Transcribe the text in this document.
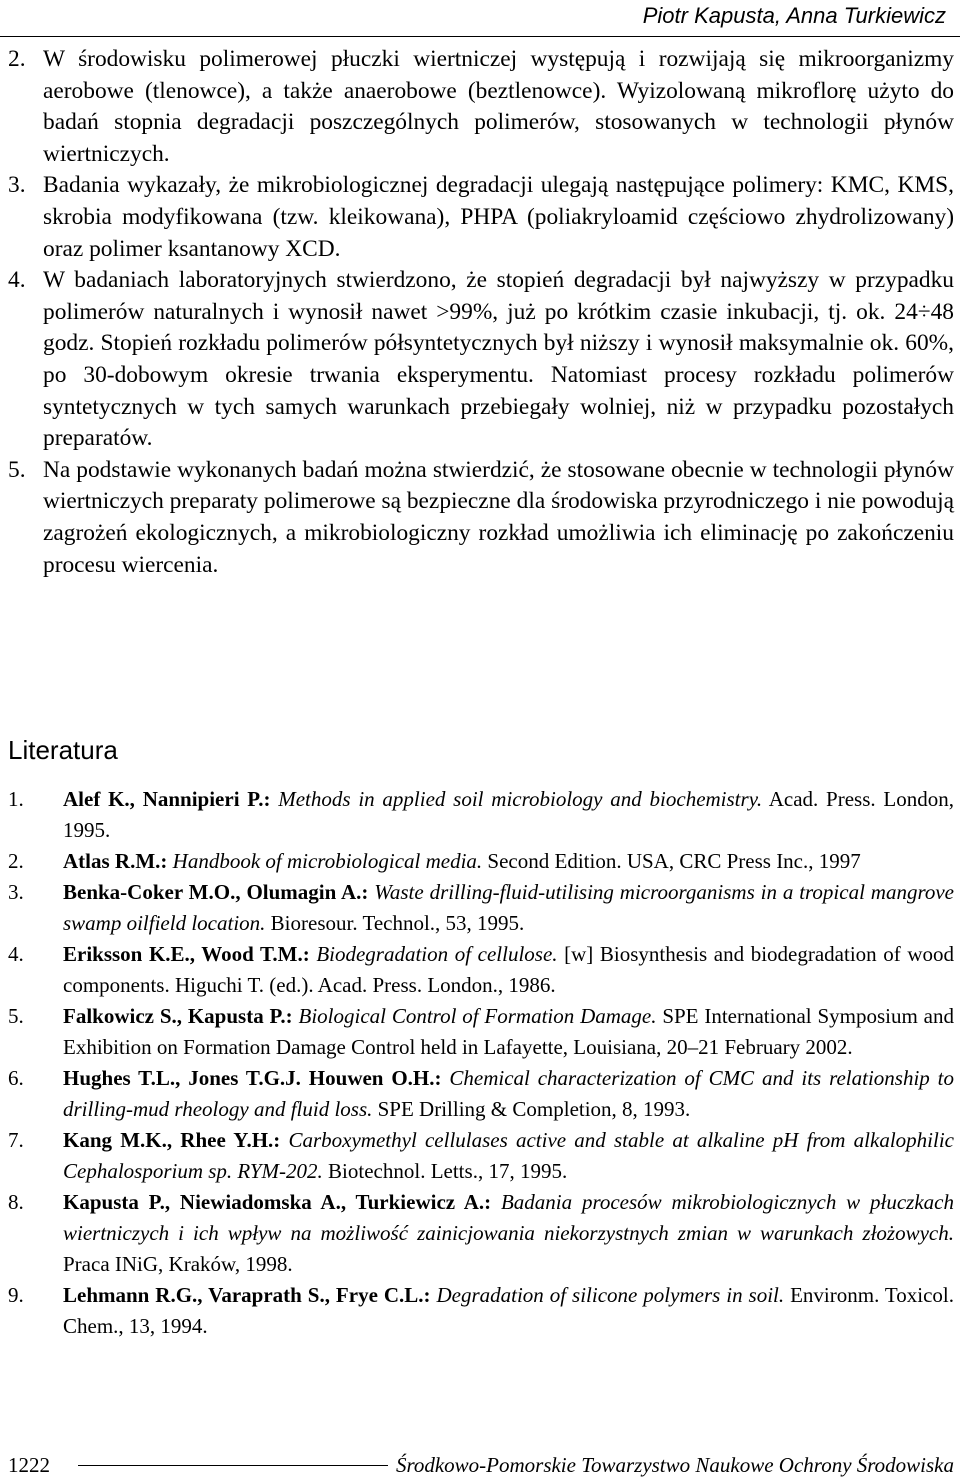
Piotr Kapusta, Anna Turkiewicz
2. W środowisku polimerowej płuczki wiertniczej występują i rozwijają się mikroorganizmy aerobowe (tlenowce), a także anaerobowe (beztlenowce). Wyizolowaną mikroflorę użyto do badań stopnia degradacji poszczególnych polimerów, stosowanych w technologii płynów wiertniczych.
3. Badania wykazały, że mikrobiologicznej degradacji ulegają następujące polimery: KMC, KMS, skrobia modyfikowana (tzw. kleikowana), PHPA (poliakryloamid częściowo zhydrolizowany) oraz polimer ksantanowy XCD.
4. W badaniach laboratoryjnych stwierdzono, że stopień degradacji był najwyższy w przypadku polimerów naturalnych i wynosił nawet >99%, już po krótkim czasie inkubacji, tj. ok. 24÷48 godz. Stopień rozkładu polimerów półsyntetycznych był niższy i wynosił maksymalnie ok. 60%, po 30-dobowym okresie trwania eksperymentu. Natomiast procesy rozkładu polimerów syntetycznych w tych samych warunkach przebiegały wolniej, niż w przypadku pozostałych preparatów.
5. Na podstawie wykonanych badań można stwierdzić, że stosowane obecnie w technologii płynów wiertniczych preparaty polimerowe są bezpieczne dla środowiska przyrodniczego i nie powodują zagrożeń ekologicznych, a mikrobiologiczny rozkład umożliwia ich eliminację po zakończeniu procesu wiercenia.
Literatura
1. Alef K., Nannipieri P.: Methods in applied soil microbiology and biochemistry. Acad. Press. London, 1995.
2. Atlas R.M.: Handbook of microbiological media. Second Edition. USA, CRC Press Inc., 1997
3. Benka-Coker M.O., Olumagin A.: Waste drilling-fluid-utilising microorganisms in a tropical mangrove swamp oilfield location. Bioresour. Technol., 53, 1995.
4. Eriksson K.E., Wood T.M.: Biodegradation of cellulose. [w] Biosynthesis and biodegradation of wood components. Higuchi T. (ed.). Acad. Press. London., 1986.
5. Falkowicz S., Kapusta P.: Biological Control of Formation Damage. SPE International Symposium and Exhibition on Formation Damage Control held in Lafayette, Louisiana, 20–21 February 2002.
6. Hughes T.L., Jones T.G.J. Houwen O.H.: Chemical characterization of CMC and its relationship to drilling-mud rheology and fluid loss. SPE Drilling & Completion, 8, 1993.
7. Kang M.K., Rhee Y.H.: Carboxymethyl cellulases active and stable at alkaline pH from alkalophilic Cephalosporium sp. RYM-202. Biotechnol. Letts., 17, 1995.
8. Kapusta P., Niewiadomska A., Turkiewicz A.: Badania procesów mikrobiologicznych w płuczkach wiertniczych i ich wpływ na możliwość zainicjowania niekorzystnych zmian w warunkach złożowych. Praca INiG, Kraków, 1998.
9. Lehmann R.G., Varaprath S., Frye C.L.: Degradation of silicone polymers in soil. Environm. Toxicol. Chem., 13, 1994.
1222	Środkowo-Pomorskie Towarzystwo Naukowe Ochrony Środowiska
